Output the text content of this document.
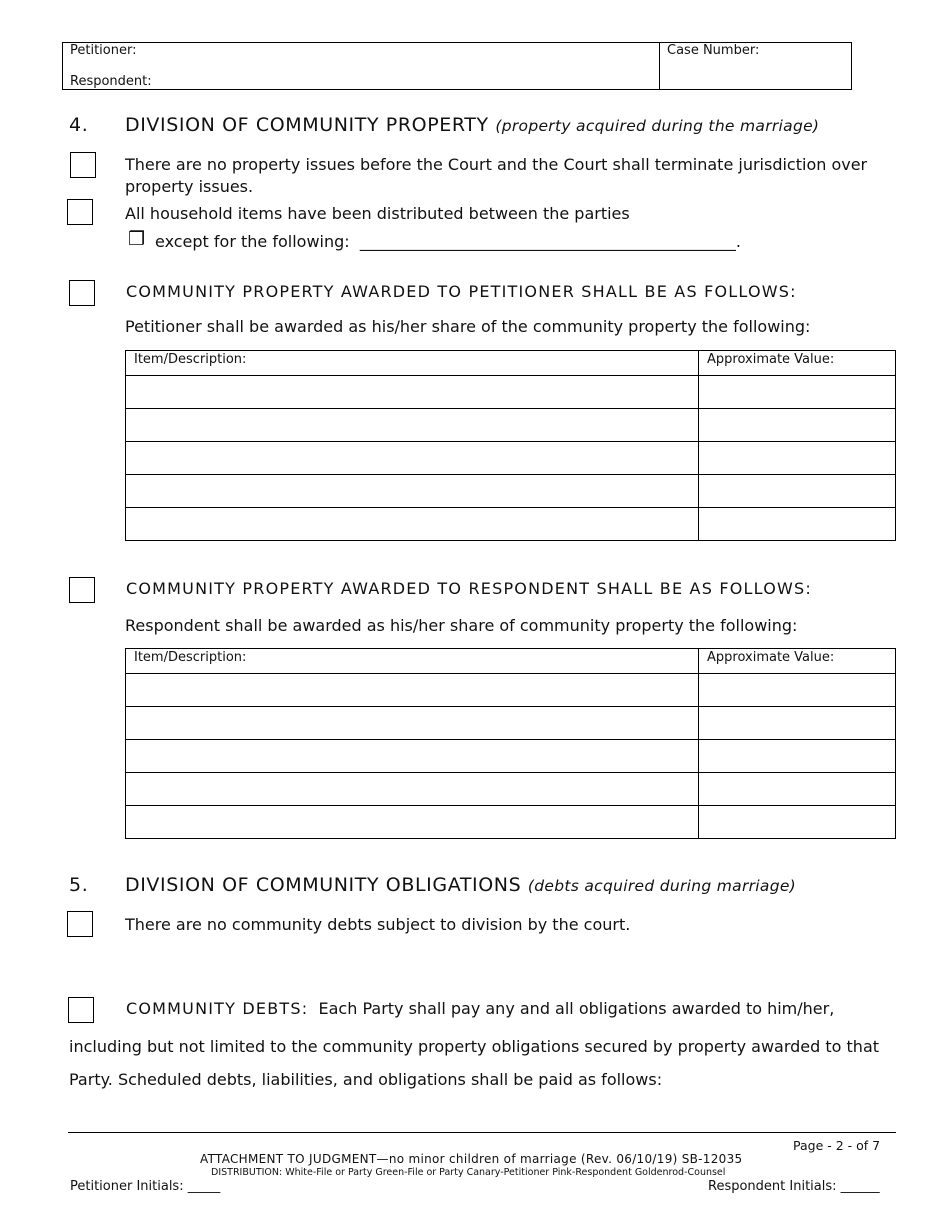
Petitioner:
Respondent:
Case Number:
4. DIVISION OF COMMUNITY PROPERTY (property acquired during the marriage)
There are no property issues before the Court and the Court shall terminate jurisdiction over property issues.
All household items have been distributed between the parties
❒ except for the following:  _______________________________________________.
COMMUNITY PROPERTY AWARDED TO PETITIONER SHALL BE AS FOLLOWS:
Petitioner shall be awarded as his/her share of the community property the following:
Item/Description:	Approximate Value:

COMMUNITY PROPERTY AWARDED TO RESPONDENT SHALL BE AS FOLLOWS:
Respondent shall be awarded as his/her share of community property the following:
Item/Description:	Approximate Value:

5. DIVISION OF COMMUNITY OBLIGATIONS (debts acquired during marriage)
There are no community debts subject to division by the court.
COMMUNITY DEBTS: Each Party shall pay any and all obligations awarded to him/her,
including but not limited to the community property obligations secured by property awarded to that
Party. Scheduled debts, liabilities, and obligations shall be paid as follows:
Page - 2 - of 7
ATTACHMENT TO JUDGMENT—no minor children of marriage (Rev. 06/10/19) SB-12035
DISTRIBUTION: White-File or Party Green-File or Party Canary-Petitioner Pink-Respondent Goldenrod-Counsel
Petitioner Initials: _____	Respondent Initials: ______
